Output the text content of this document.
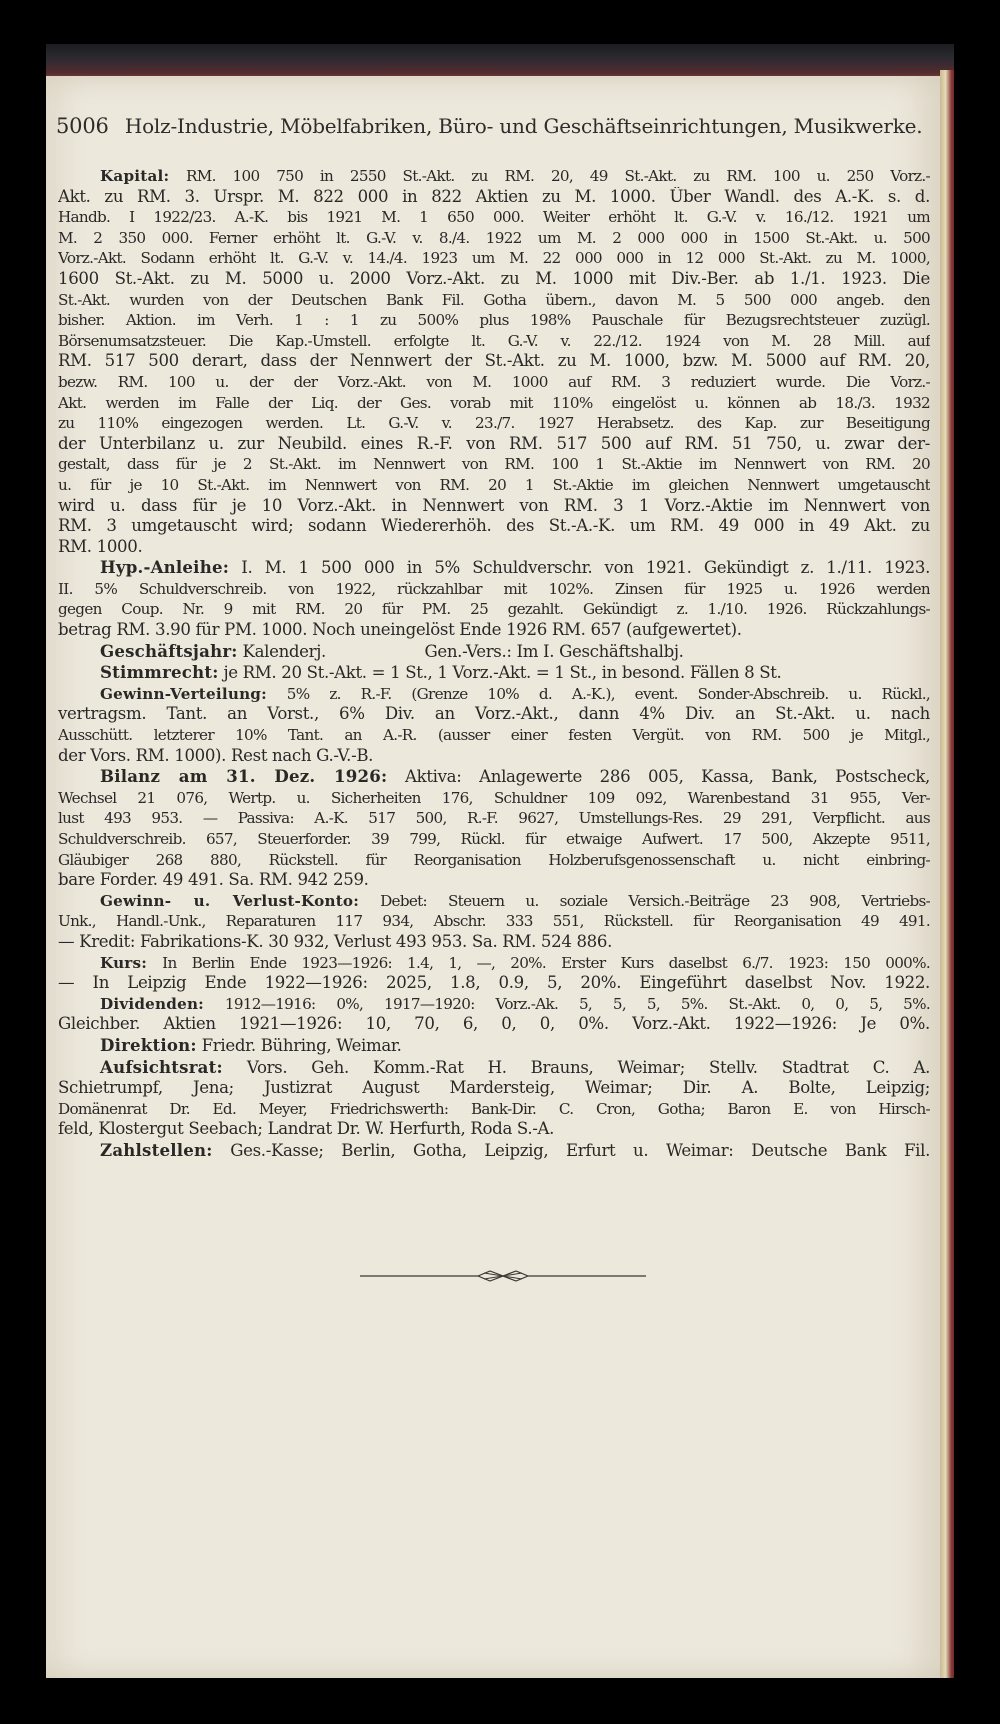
5006 Holz-Industrie, Möbelfabriken, Büro- und Geschäftseinrichtungen, Musikwerke.
Kapital: RM. 100 750 in 2550 St.-Akt. zu RM. 20, 49 St.-Akt. zu RM. 100 u. 250 Vorz.-
Akt. zu RM. 3. Urspr. M. 822 000 in 822 Aktien zu M. 1000. Über Wandl. des A.-K. s. d.
Handb. I 1922/23. A.-K. bis 1921 M. 1 650 000. Weiter erhöht lt. G.-V. v. 16./12. 1921 um
M. 2 350 000. Ferner erhöht lt. G.-V. v. 8./4. 1922 um M. 2 000 000 in 1500 St.-Akt. u. 500
Vorz.-Akt. Sodann erhöht lt. G.-V. v. 14./4. 1923 um M. 22 000 000 in 12 000 St.-Akt. zu M. 1000,
1600 St.-Akt. zu M. 5000 u. 2000 Vorz.-Akt. zu M. 1000 mit Div.-Ber. ab 1./1. 1923. Die
St.-Akt. wurden von der Deutschen Bank Fil. Gotha übern., davon M. 5 500 000 angeb. den
bisher. Aktion. im Verh. 1 : 1 zu 500% plus 198% Pauschale für Bezugsrechtsteuer zuzügl.
Börsenumsatzsteuer. Die Kap.-Umstell. erfolgte lt. G.-V. v. 22./12. 1924 von M. 28 Mill. auf
RM. 517 500 derart, dass der Nennwert der St.-Akt. zu M. 1000, bzw. M. 5000 auf RM. 20,
bezw. RM. 100 u. der der Vorz.-Akt. von M. 1000 auf RM. 3 reduziert wurde. Die Vorz.-
Akt. werden im Falle der Liq. der Ges. vorab mit 110% eingelöst u. können ab 18./3. 1932
zu 110% eingezogen werden. Lt. G.-V. v. 23./7. 1927 Herabsetz. des Kap. zur Beseitigung
der Unterbilanz u. zur Neubild. eines R.-F. von RM. 517 500 auf RM. 51 750, u. zwar der-
gestalt, dass für je 2 St.-Akt. im Nennwert von RM. 100 1 St.-Aktie im Nennwert von RM. 20
u. für je 10 St.-Akt. im Nennwert von RM. 20 1 St.-Aktie im gleichen Nennwert umgetauscht
wird u. dass für je 10 Vorz.-Akt. in Nennwert von RM. 3 1 Vorz.-Aktie im Nennwert von
RM. 3 umgetauscht wird; sodann Wiedererhöh. des St.-A.-K. um RM. 49 000 in 49 Akt. zu
RM. 1000.
Hyp.-Anleihe: I. M. 1 500 000 in 5% Schuldverschr. von 1921. Gekündigt z. 1./11. 1923.
II. 5% Schuldverschreib. von 1922, rückzahlbar mit 102%. Zinsen für 1925 u. 1926 werden
gegen Coup. Nr. 9 mit RM. 20 für PM. 25 gezahlt. Gekündigt z. 1./10. 1926. Rückzahlungs-
betrag RM. 3.90 für PM. 1000. Noch uneingelöst Ende 1926 RM. 657 (aufgewertet).
Geschäftsjahr: Kalenderj.                    Gen.-Vers.: Im I. Geschäftshalbj.
Stimmrecht: je RM. 20 St.-Akt. = 1 St., 1 Vorz.-Akt. = 1 St., in besond. Fällen 8 St.
Gewinn-Verteilung: 5% z. R.-F. (Grenze 10% d. A.-K.), event. Sonder-Abschreib. u. Rückl.,
vertragsm. Tant. an Vorst., 6% Div. an Vorz.-Akt., dann 4% Div. an St.-Akt. u. nach
Ausschütt. letzterer 10% Tant. an A.-R. (ausser einer festen Vergüt. von RM. 500 je Mitgl.,
der Vors. RM. 1000). Rest nach G.-V.-B.
Bilanz am 31. Dez. 1926: Aktiva: Anlagewerte 286 005, Kassa, Bank, Postscheck,
Wechsel 21 076, Wertp. u. Sicherheiten 176, Schuldner 109 092, Warenbestand 31 955, Ver-
lust 493 953. — Passiva: A.-K. 517 500, R.-F. 9627, Umstellungs-Res. 29 291, Verpflicht. aus
Schuldverschreib. 657, Steuerforder. 39 799, Rückl. für etwaige Aufwert. 17 500, Akzepte 9511,
Gläubiger 268 880, Rückstell. für Reorganisation Holzberufsgenossenschaft u. nicht einbring-
bare Forder. 49 491. Sa. RM. 942 259.
Gewinn- u. Verlust-Konto: Debet: Steuern u. soziale Versich.-Beiträge 23 908, Vertriebs-
Unk., Handl.-Unk., Reparaturen 117 934, Abschr. 333 551, Rückstell. für Reorganisation 49 491.
— Kredit: Fabrikations-K. 30 932, Verlust 493 953. Sa. RM. 524 886.
Kurs: In Berlin Ende 1923—1926: 1.4, 1, —, 20%. Erster Kurs daselbst 6./7. 1923: 150 000%.
— In Leipzig Ende 1922—1926: 2025, 1.8, 0.9, 5, 20%. Eingeführt daselbst Nov. 1922.
Dividenden: 1912—1916: 0%, 1917—1920: Vorz.-Ak. 5, 5, 5, 5%. St.-Akt. 0, 0, 5, 5%.
Gleichber. Aktien 1921—1926: 10, 70, 6, 0, 0, 0%. Vorz.-Akt. 1922—1926: Je 0%.
Direktion: Friedr. Bühring, Weimar.
Aufsichtsrat: Vors. Geh. Komm.-Rat H. Brauns, Weimar; Stellv. Stadtrat C. A.
Schietrumpf, Jena; Justizrat August Mardersteig, Weimar; Dir. A. Bolte, Leipzig;
Domänenrat Dr. Ed. Meyer, Friedrichswerth: Bank-Dir. C. Cron, Gotha; Baron E. von Hirsch-
feld, Klostergut Seebach; Landrat Dr. W. Herfurth, Roda S.-A.
Zahlstellen: Ges.-Kasse; Berlin, Gotha, Leipzig, Erfurt u. Weimar: Deutsche Bank Fil.
